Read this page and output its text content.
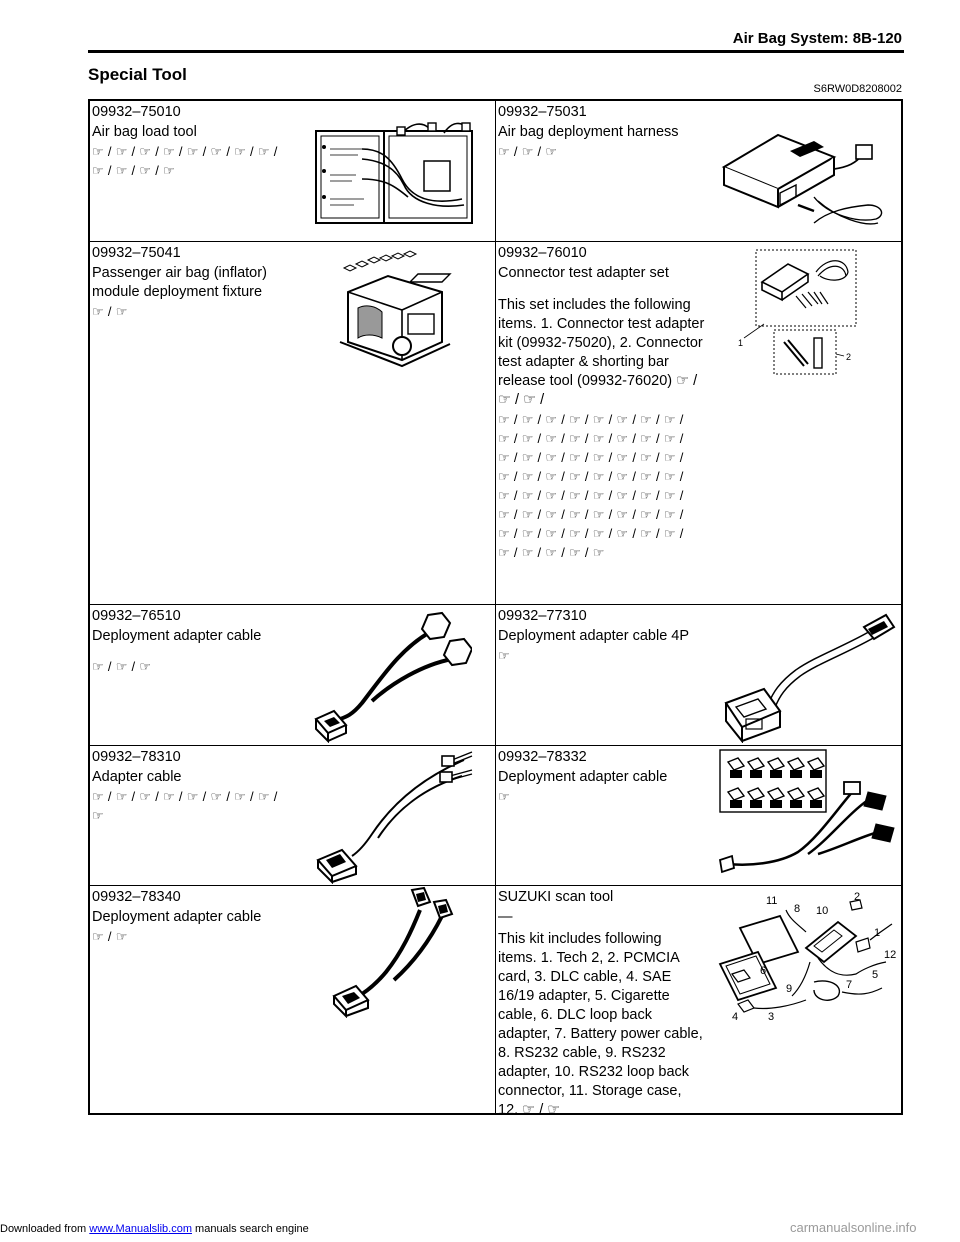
Air Bag System: 8B-120
Special Tool
S6RW0D8208002
09932–75010
Air bag load tool
☞ / ☞ / ☞ / ☞ / ☞ / ☞ / ☞ / ☞ /
☞ / ☞ / ☞ / ☞
09932–75031
Air bag deployment harness
☞ / ☞ / ☞
09932–75041
Passenger air bag (inflator) module deployment fixture
☞ / ☞
09932–76010
Connector test adapter set
This set includes the following items. 1. Connector test adapter kit (09932-75020), 2. Connector test adapter & shorting bar release tool (09932-76020) ☞ / ☞ / ☞ /
☞ / ☞ / ☞ / ☞ / ☞ / ☞ / ☞ / ☞ /
☞ / ☞ / ☞ / ☞ / ☞ / ☞ / ☞ / ☞ /
☞ / ☞ / ☞ / ☞ / ☞ / ☞ / ☞ / ☞ /
☞ / ☞ / ☞ / ☞ / ☞ / ☞ / ☞ / ☞ /
☞ / ☞ / ☞ / ☞ / ☞ / ☞ / ☞ / ☞ /
☞ / ☞ / ☞ / ☞ / ☞ / ☞ / ☞ / ☞ /
☞ / ☞ / ☞ / ☞ / ☞ / ☞ / ☞ / ☞ /
☞ / ☞ / ☞ / ☞ / ☞
1
2
09932–76510
Deployment adapter cable
☞ / ☞ / ☞
09932–77310
Deployment adapter cable 4P
☞
09932–78310
Adapter cable
☞ / ☞ / ☞ / ☞ / ☞ / ☞ / ☞ / ☞ /
☞
09932–78332
Deployment adapter cable
☞
09932–78340
Deployment adapter cable
☞ / ☞
SUZUKI scan tool
—
This kit includes following items. 1. Tech 2, 2. PCMCIA card, 3. DLC cable, 4. SAE 16/19 adapter, 5. Cigarette cable, 6. DLC loop back adapter, 7. Battery power cable, 8. RS232 cable, 9. RS232 adapter, 10. RS232 loop back connector, 11. Storage case, 12. ☞ / ☞
11
8 10
2
1
12
5
7
6
9
4	3
Downloaded from www.Manualslib.com manuals search engine	carmanualsonline.info
